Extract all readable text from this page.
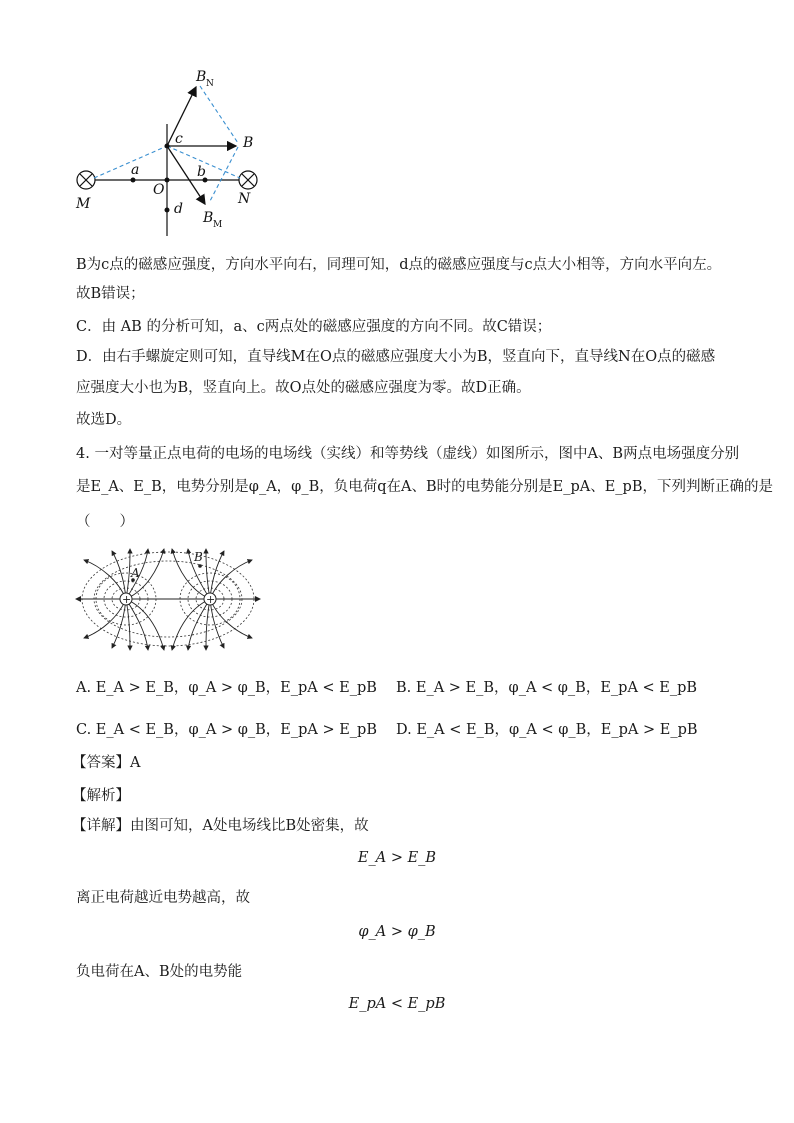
B N
B
c
a
O
b
M	N
d
B M
B为c点的磁感应强度，方向水平向右，同理可知，d点的磁感应强度与c点大小相等，方向水平向左。
故B错误；
C．由 AB 的分析可知，a、c两点处的磁感应强度的方向不同。故C错误；
D．由右手螺旋定则可知，直导线M在O点的磁感应强度大小为B，竖直向下，直导线N在O点的磁感
应强度大小也为B，竖直向上。故O点处的磁感应强度为零。故D正确。
故选D。
4. 一对等量正点电荷的电场的电场线（实线）和等势线（虚线）如图所示，图中A、B两点电场强度分别
是E_A、E_B，电势分别是φ_A，φ_B，负电荷q在A、B时的电势能分别是E_pA、E_pB，下列判断正确的是
（　　）
+	+
A
B
A. E_A > E_B，φ_A > φ_B，E_pA < E_pB B. E_A > E_B，φ_A < φ_B，E_pA < E_pB
C. E_A < E_B，φ_A > φ_B，E_pA > E_pB D. E_A < E_B，φ_A < φ_B，E_pA > E_pB
【答案】A
【解析】
【详解】由图可知，A处电场线比B处密集，故
E_A > E_B
离正电荷越近电势越高，故
φ_A > φ_B
负电荷在A、B处的电势能
E_pA < E_pB
